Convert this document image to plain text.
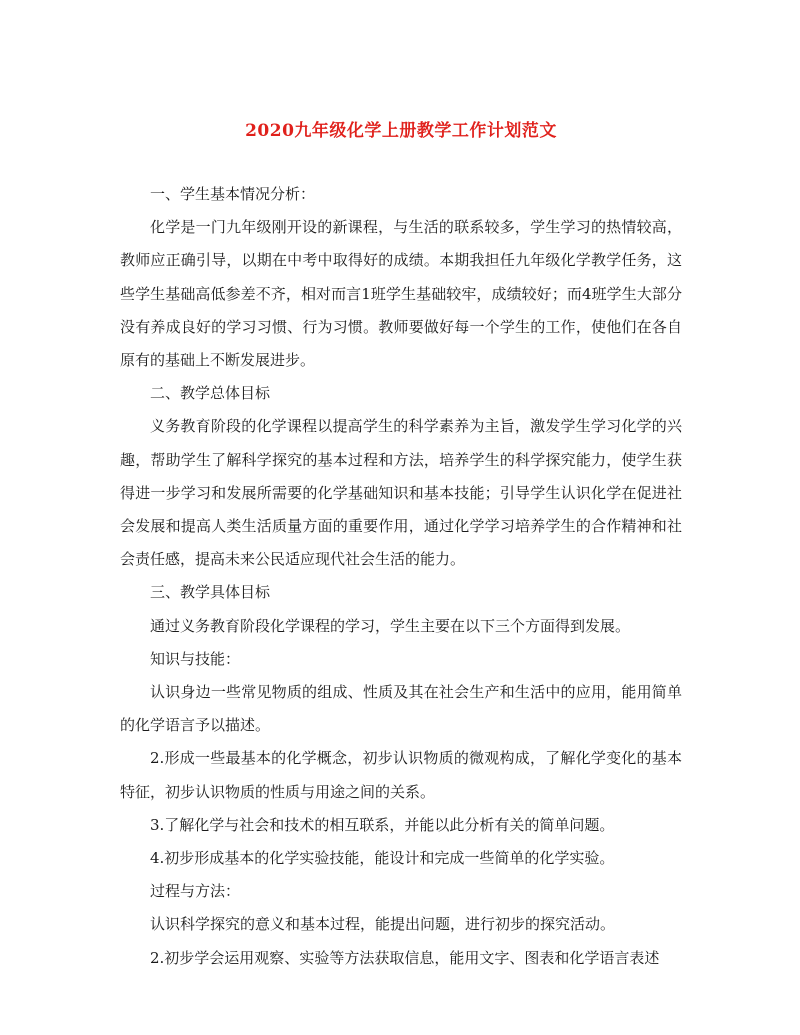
2020九年级化学上册教学工作计划范文

一、学生基本情况分析：

化学是一门九年级刚开设的新课程，与生活的联系较多，学生学习的热情较高，教师应正确引导，以期在中考中取得好的成绩。本期我担任九年级化学教学任务，这些学生基础高低参差不齐，相对而言1班学生基础较牢，成绩较好；而4班学生大部分没有养成良好的学习习惯、行为习惯。教师要做好每一个学生的工作，使他们在各自原有的基础上不断发展进步。

二、教学总体目标

义务教育阶段的化学课程以提高学生的科学素养为主旨，激发学生学习化学的兴趣，帮助学生了解科学探究的基本过程和方法，培养学生的科学探究能力，使学生获得进一步学习和发展所需要的化学基础知识和基本技能；引导学生认识化学在促进社会发展和提高人类生活质量方面的重要作用，通过化学学习培养学生的合作精神和社会责任感，提高未来公民适应现代社会生活的能力。

三、教学具体目标

通过义务教育阶段化学课程的学习，学生主要在以下三个方面得到发展。

知识与技能：

认识身边一些常见物质的组成、性质及其在社会生产和生活中的应用，能用简单的化学语言予以描述。

2.形成一些最基本的化学概念，初步认识物质的微观构成，了解化学变化的基本特征，初步认识物质的性质与用途之间的关系。

3.了解化学与社会和技术的相互联系，并能以此分析有关的简单问题。

4.初步形成基本的化学实验技能，能设计和完成一些简单的化学实验。

过程与方法：

认识科学探究的意义和基本过程，能提出问题，进行初步的探究活动。

2.初步学会运用观察、实验等方法获取信息，能用文字、图表和化学语言表述
